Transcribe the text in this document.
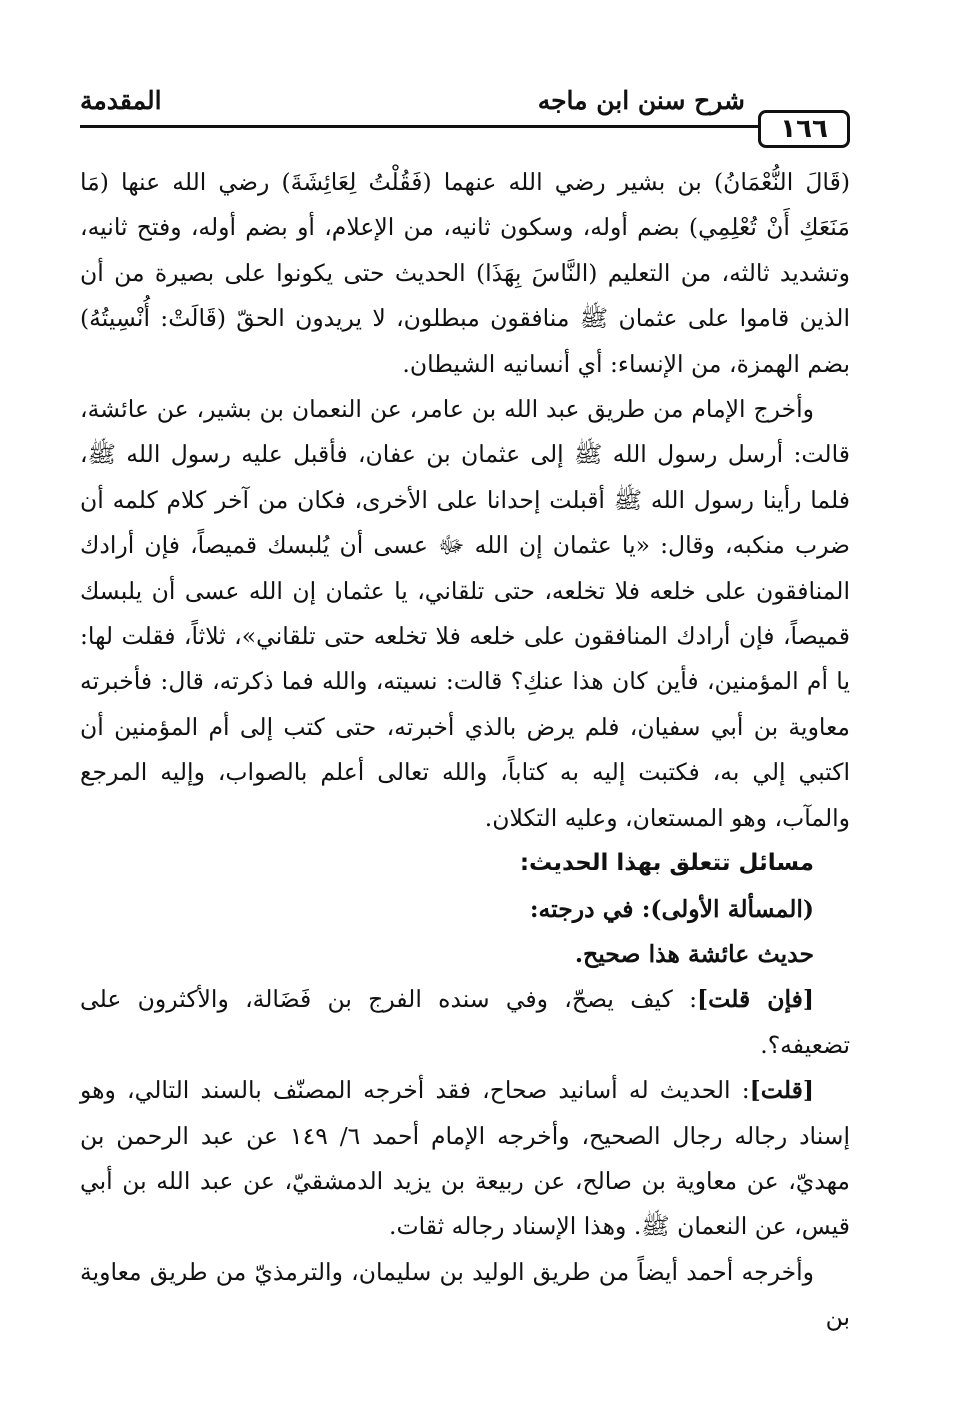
١٦٦
شرح سنن ابن ماجه
المقدمة

(قَالَ النُّعْمَانُ) بن بشير رضي الله عنهما (فَقُلْتُ لِعَائِشَةَ) رضي الله عنها (مَا مَنَعَكِ أَنْ تُعْلِمِي) بضم أوله، وسكون ثانيه، من الإعلام، أو بضم أوله، وفتح ثانيه، وتشديد ثالثه، من التعليم (النَّاسَ بِهَذَا) الحديث حتى يكونوا على بصيرة من أن الذين قاموا على عثمان ﷺ منافقون مبطلون، لا يريدون الحقّ (قَالَتْ: أُنْسِيتُهُ) بضم الهمزة، من الإنساء: أي أنسانيه الشيطان.

وأخرج الإمام من طريق عبد الله بن عامر، عن النعمان بن بشير، عن عائشة، قالت: أرسل رسول الله ﷺ إلى عثمان بن عفان، فأقبل عليه رسول الله ﷺ، فلما رأينا رسول الله ﷺ أقبلت إحدانا على الأخرى، فكان من آخر كلام كلمه أن ضرب منكبه، وقال: «يا عثمان إن الله ﷻ عسى أن يُلبسك قميصاً، فإن أرادك المنافقون على خلعه فلا تخلعه، حتى تلقاني، يا عثمان إن الله عسى أن يلبسك قميصاً، فإن أرادك المنافقون على خلعه فلا تخلعه حتى تلقاني»، ثلاثاً، فقلت لها: يا أم المؤمنين، فأين كان هذا عنكِ؟ قالت: نسيته، والله فما ذكرته، قال: فأخبرته معاوية بن أبي سفيان، فلم يرض بالذي أخبرته، حتى كتب إلى أم المؤمنين أن اكتبي إلي به، فكتبت إليه به كتاباً، والله تعالى أعلم بالصواب، وإليه المرجع والمآب، وهو المستعان، وعليه التكلان.

مسائل تتعلق بهذا الحديث:

(المسألة الأولى): في درجته:

حديث عائشة هذا صحيح.

[فإن قلت]: كيف يصحّ، وفي سنده الفرج بن فَضَالة، والأكثرون على تضعيفه؟.

[قلت]: الحديث له أسانيد صحاح، فقد أخرجه المصنّف بالسند التالي، وهو إسناد رجاله رجال الصحيح، وأخرجه الإمام أحمد ٦/ ١٤٩ عن عبد الرحمن بن مهديّ، عن معاوية بن صالح، عن ربيعة بن يزيد الدمشقيّ، عن عبد الله بن أبي قيس، عن النعمان ﷺ. وهذا الإسناد رجاله ثقات.

وأخرجه أحمد أيضاً من طريق الوليد بن سليمان، والترمذيّ من طريق معاوية بن
